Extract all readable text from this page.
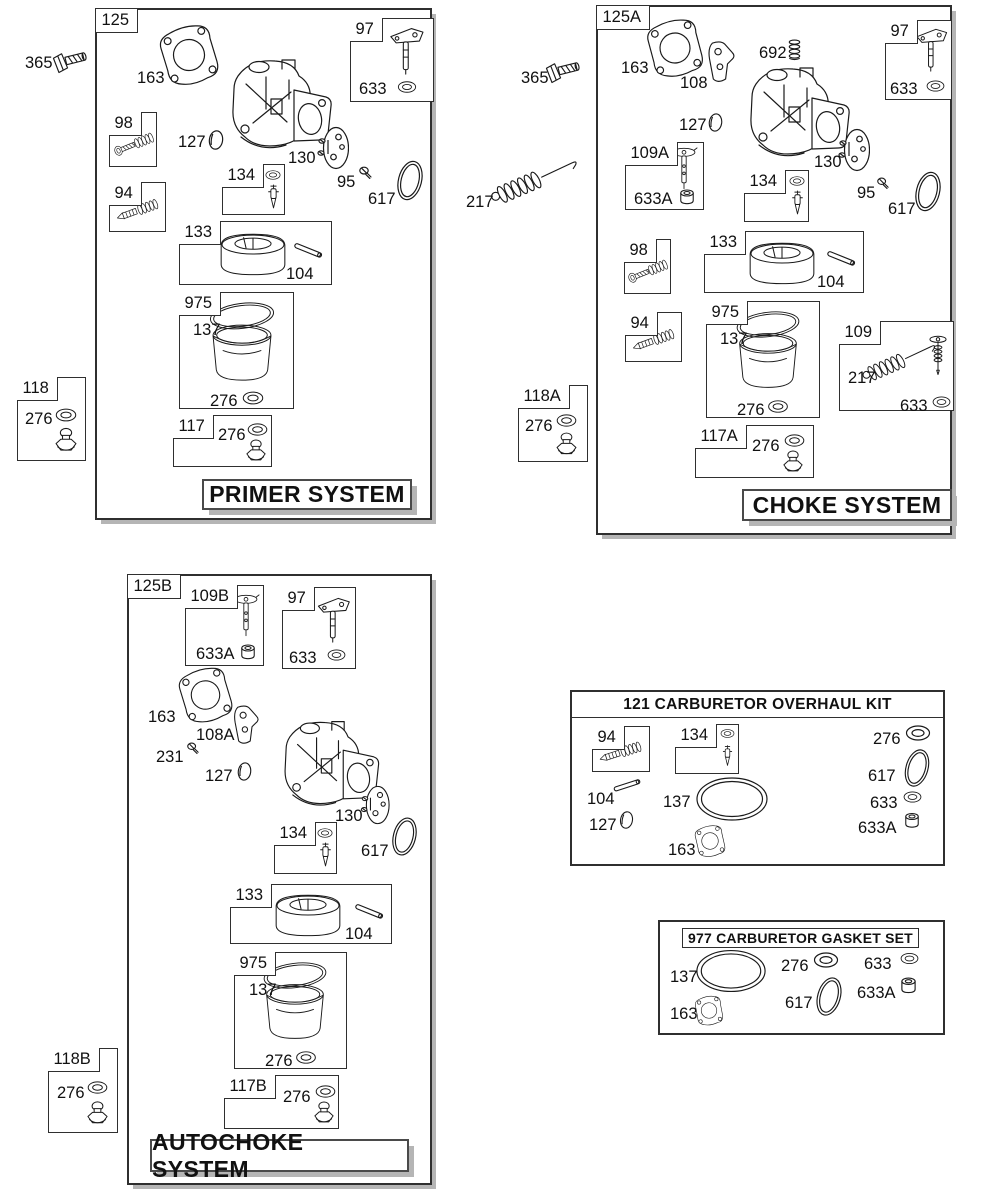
365
118
276
125
163
97
633
98
127
130
134
94
95
617
133
104
975
137
276
117
276
PRIMER SYSTEM
365
217
118A
276
125A
163
108
692
97
633
127
109A
633A
130
134
95
617
98	133
104
94
975
137
276
109
217
633
117A
276
CHOKE SYSTEM
118B
276
125B
109B
633A
97
633
163
108A
231
127
130
134
617
133
104
975
137
276
117B
276
AUTOCHOKE SYSTEM
121 CARBURETOR OVERHAUL KIT
94	134
104	137
127
163
276
617
633
633A
977 CARBURETOR GASKET SET
137
163
276
617
633
633A
